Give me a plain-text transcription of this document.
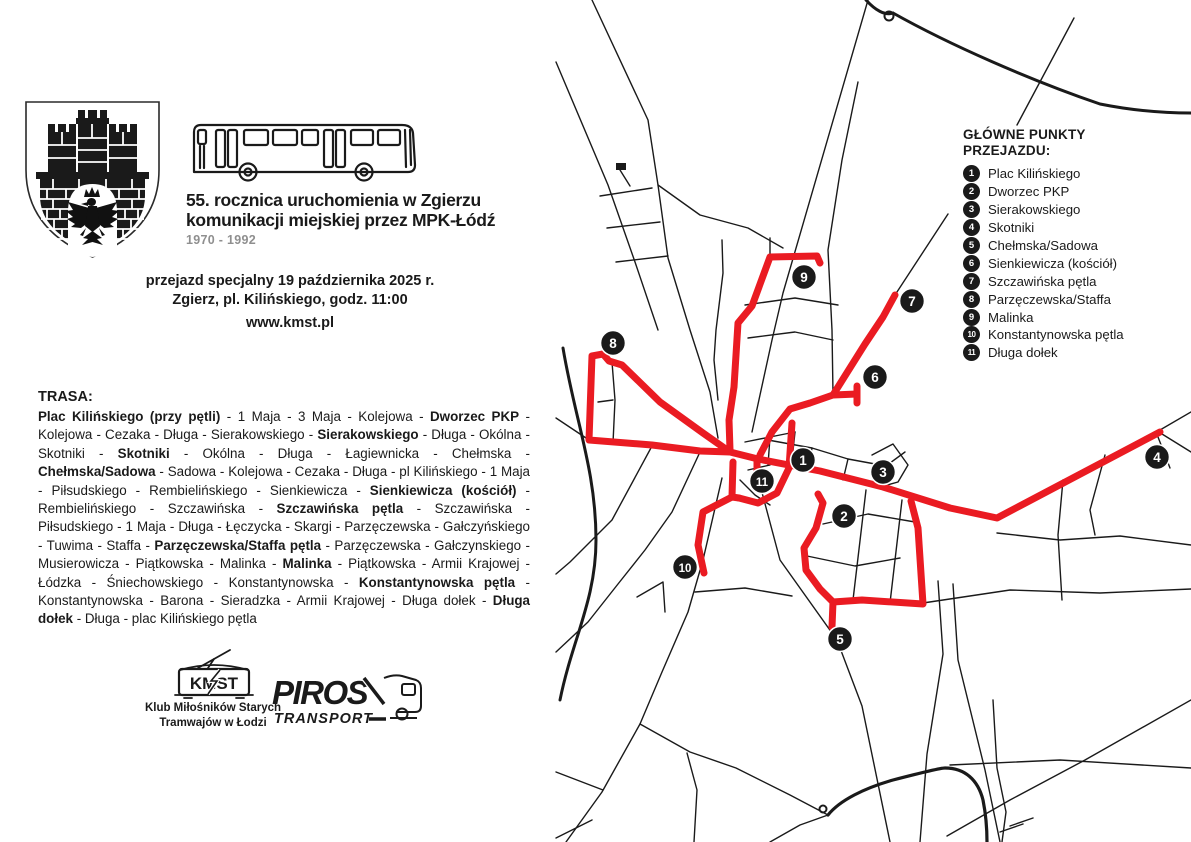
1
2
3
4
5
6
7
8
9
10
11
55. rocznica uruchomienia w Zgierzu
komunikacji miejskiej przez MPK-Łódź
1970 - 1992
przejazd specjalny 19 października 2025 r.
Zgierz, pl. Kilińskiego, godz. 11:00
www.kmst.pl
TRASA:
Plac Kilińskiego (przy pętli) - 1 Maja - 3 Maja - Kolejowa - Dworzec PKP - Kolejowa - Cezaka - Długa - Sierakowskiego - Sierakowskiego - Długa - Okólna - Skotniki - Skotniki - Okólna - Długa - Łagiewnicka - Chełmska - Chełmska/Sadowa - Sadowa - Kolejowa - Cezaka - Długa - pl Kilińskiego - 1 Maja - Piłsudskiego - Rembielińskiego - Sienkiewicza - Sienkiewicza (kościół) - Rembielińskiego - Szczawińska - Szczawińska pętla - Szczawińska - Piłsudskiego - 1 Maja - Długa - Łęczycka - Skargi - Parzęczewska - Gałczyńskiego - Tuwima - Staffa - Parzęczewska/Staffa pętla - Parzęczewska - Gałczynskiego - Musierowicza - Piątkowska - Malinka - Malinka - Piątkowska - Armii Krajowej - Łódzka - Śniechowskiego - Konstantynowska - Konstantynowska pętla - Konstantynowska - Barona - Sieradzka - Armii Krajowej - Długa dołek - Długa dołek - Długa - plac Kilińskiego pętla
KMST
Klub Miłośników Starych
Tramwajów w Łodzi
PIROS
TRANSPORT
GŁÓWNE PUNKTY
PRZEJAZDU:
1	Plac Kilińskiego
2	Dworzec PKP
3	Sierakowskiego
4	Skotniki
5	Chełmska/Sadowa
6	Sienkiewicza (kościół)
7	Szczawińska pętla
8	Parzęczewska/Staffa
9	Malinka
10 Konstantynowska pętla
11 Długa dołek
